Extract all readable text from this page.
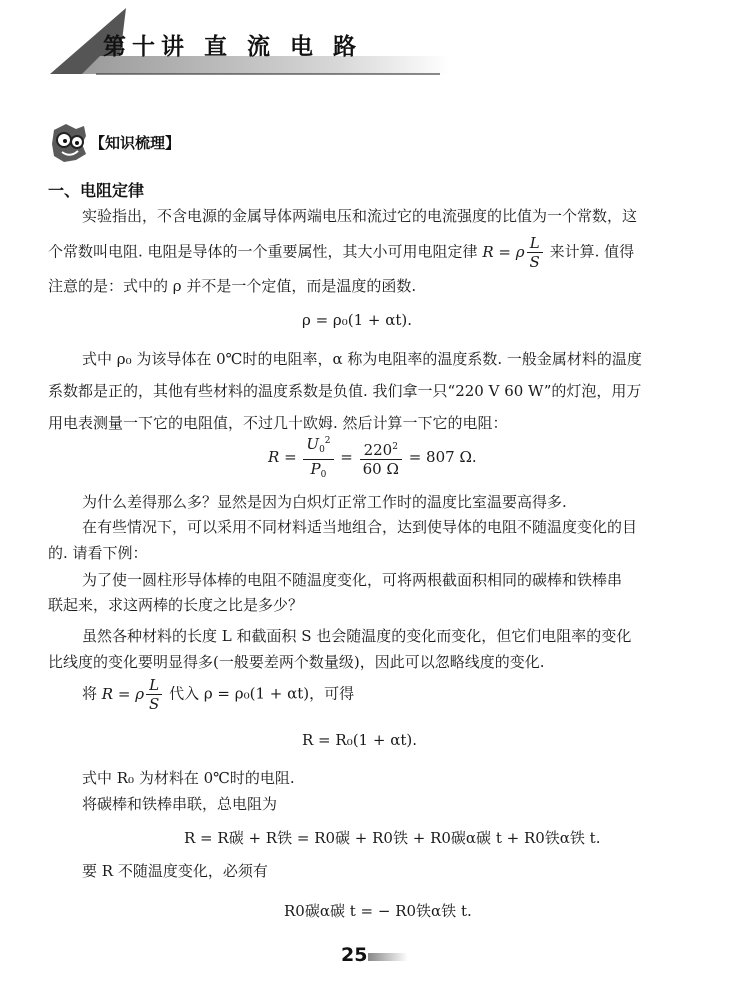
第十讲 直 流 电 路
【知识梳理】
一、电阻定律
实验指出，不含电源的金属导体两端电压和流过它的电流强度的比值为一个常数，这
个常数叫电阻. 电阻是导体的一个重要属性，其大小可用电阻定律 R = ρ $\frac{L}{S}$ 来计算. 值得
注意的是：式中的 ρ 并不是一个定值，而是温度的函数.
ρ = ρ₀(1 + αt).
式中 ρ₀ 为该导体在 0℃时的电阻率，α 称为电阻率的温度系数. 一般金属材料的温度
系数都是正的，其他有些材料的温度系数是负值. 我们拿一只“220 V 60 W”的灯泡，用万
用电表测量一下它的电阻值，不过几十欧姆. 然后计算一下它的电阻：
$R = \frac{U_0^2}{P_0} = \frac{220^2}{60 \Omega} = 807$ Ω.
为什么差得那么多？显然是因为白炽灯正常工作时的温度比室温要高得多.
在有些情况下，可以采用不同材料适当地组合，达到使导体的电阻不随温度变化的目
的. 请看下例：
为了使一圆柱形导体棒的电阻不随温度变化，可将两根截面积相同的碳棒和铁棒串
联起来，求这两棒的长度之比是多少？
虽然各种材料的长度 L 和截面积 S 也会随温度的变化而变化，但它们电阻率的变化
比线度的变化要明显得多(一般要差两个数量级)，因此可以忽略线度的变化.
将 R = ρ $\frac{L}{S}$ 代入 ρ = ρ₀(1 + αt)，可得
R = R₀(1 + αt).
式中 R₀ 为材料在 0℃时的电阻.
将碳棒和铁棒串联，总电阻为
R = R碳 + R铁 = R0碳 + R0铁 + R0碳α碳 t + R0铁α铁 t.
要 R 不随温度变化，必须有
R0碳α碳 t = − R0铁α铁 t.
25
